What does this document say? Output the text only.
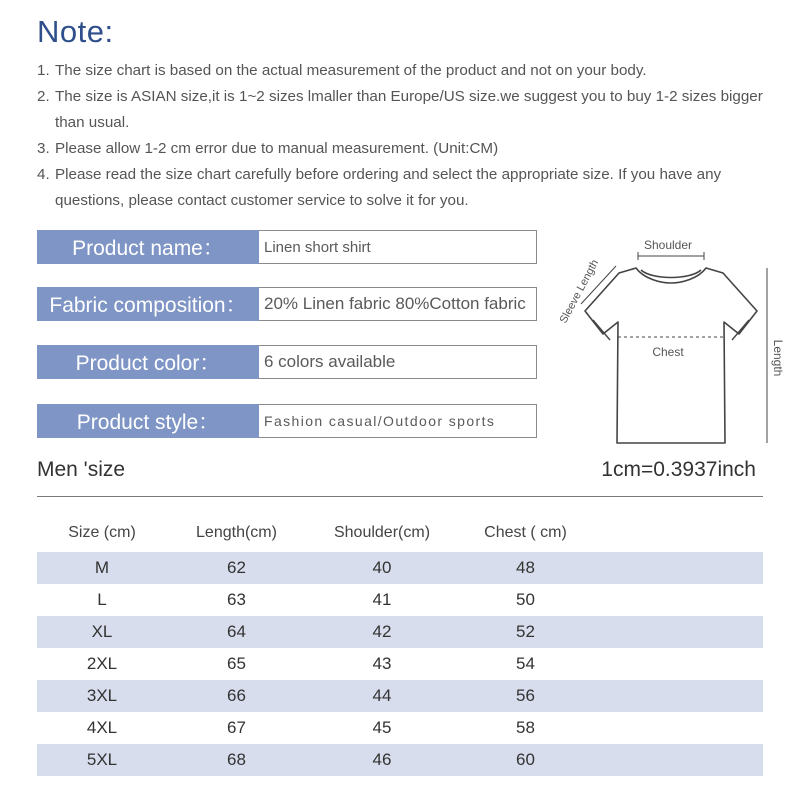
Note:
1. The size chart is based on the actual measurement of the product and not on your body.
2. The size is ASIAN size,it is 1~2 sizes lmaller than Europe/US size.we suggest you to buy 1-2 sizes bigger than usual.
3. Please allow 1-2 cm error due to manual measurement. (Unit:CM)
4. Please read the size chart carefully before ordering and select the appropriate size. If you have any questions, please contact customer service to solve it for you.
Product name：	Linen short shirt
Fabric composition：	20% Linen fabric 80%Cotton fabric
Product color：	6 colors available
Product style：	Fashion casual/Outdoor sports
Shoulder
Sleeve Length
Chest	Length
Men 'size	1cm=0.3937inch
Size (cm)	Length(cm)	Shoulder(cm)	Chest ( cm)
M	62	40	48
L	63	41	50
XL	64	42	52
2XL	65	43	54
3XL	66	44	56
4XL	67	45	58
5XL	68	46	60
